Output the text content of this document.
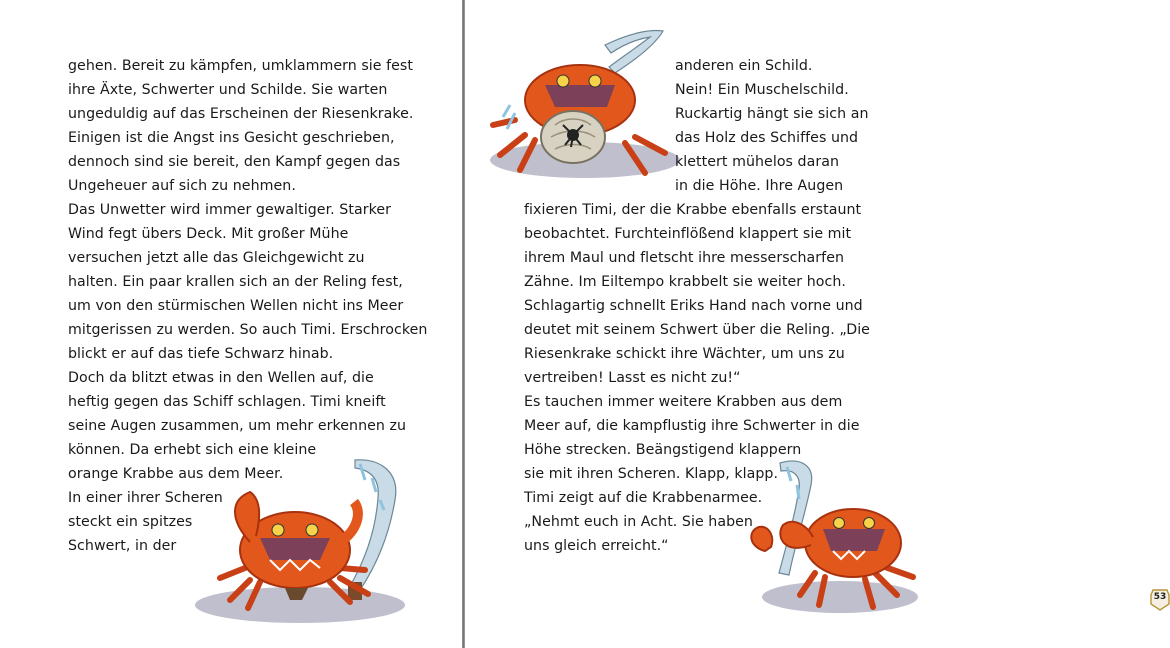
gehen. Bereit zu kämpfen, umklammern sie fest
ihre Äxte, Schwerter und Schilde. Sie warten
ungeduldig auf das Erscheinen der Riesenkrake.
Einigen ist die Angst ins Gesicht geschrieben,
dennoch sind sie bereit, den Kampf gegen das
Ungeheuer auf sich zu nehmen.
Das Unwetter wird immer gewaltiger. Starker
Wind fegt übers Deck. Mit großer Mühe
versuchen jetzt alle das Gleichgewicht zu
halten. Ein paar krallen sich an der Reling fest,
um von den stürmischen Wellen nicht ins Meer
mitgerissen zu werden. So auch Timi. Erschrocken
blickt er auf das tiefe Schwarz hinab.
Doch da blitzt etwas in den Wellen auf, die
heftig gegen das Schiff schlagen. Timi kneift
seine Augen zusammen, um mehr erkennen zu
können. Da erhebt sich eine kleine
orange Krabbe aus dem Meer.
In einer ihrer Scheren
steckt ein spitzes
Schwert, in der
anderen ein Schild.
Nein! Ein Muschelschild.
Ruckartig hängt sie sich an
das Holz des Schiffes und
klettert mühelos daran
in die Höhe. Ihre Augen
fixieren Timi, der die Krabbe ebenfalls erstaunt
beobachtet. Furchteinflößend klappert sie mit
ihrem Maul und fletscht ihre messerscharfen
Zähne. Im Eiltempo krabbelt sie weiter hoch.
Schlagartig schnellt Eriks Hand nach vorne und
deutet mit seinem Schwert über die Reling. „Die
Riesenkrake schickt ihre Wächter, um uns zu
vertreiben! Lasst es nicht zu!“
Es tauchen immer weitere Krabben aus dem
Meer auf, die kampflustig ihre Schwerter in die
Höhe strecken. Beängstigend klappern
sie mit ihren Scheren. Klapp, klapp.
Timi zeigt auf die Krabbenarmee.
„Nehmt euch in Acht. Sie haben
uns gleich erreicht.“
53
